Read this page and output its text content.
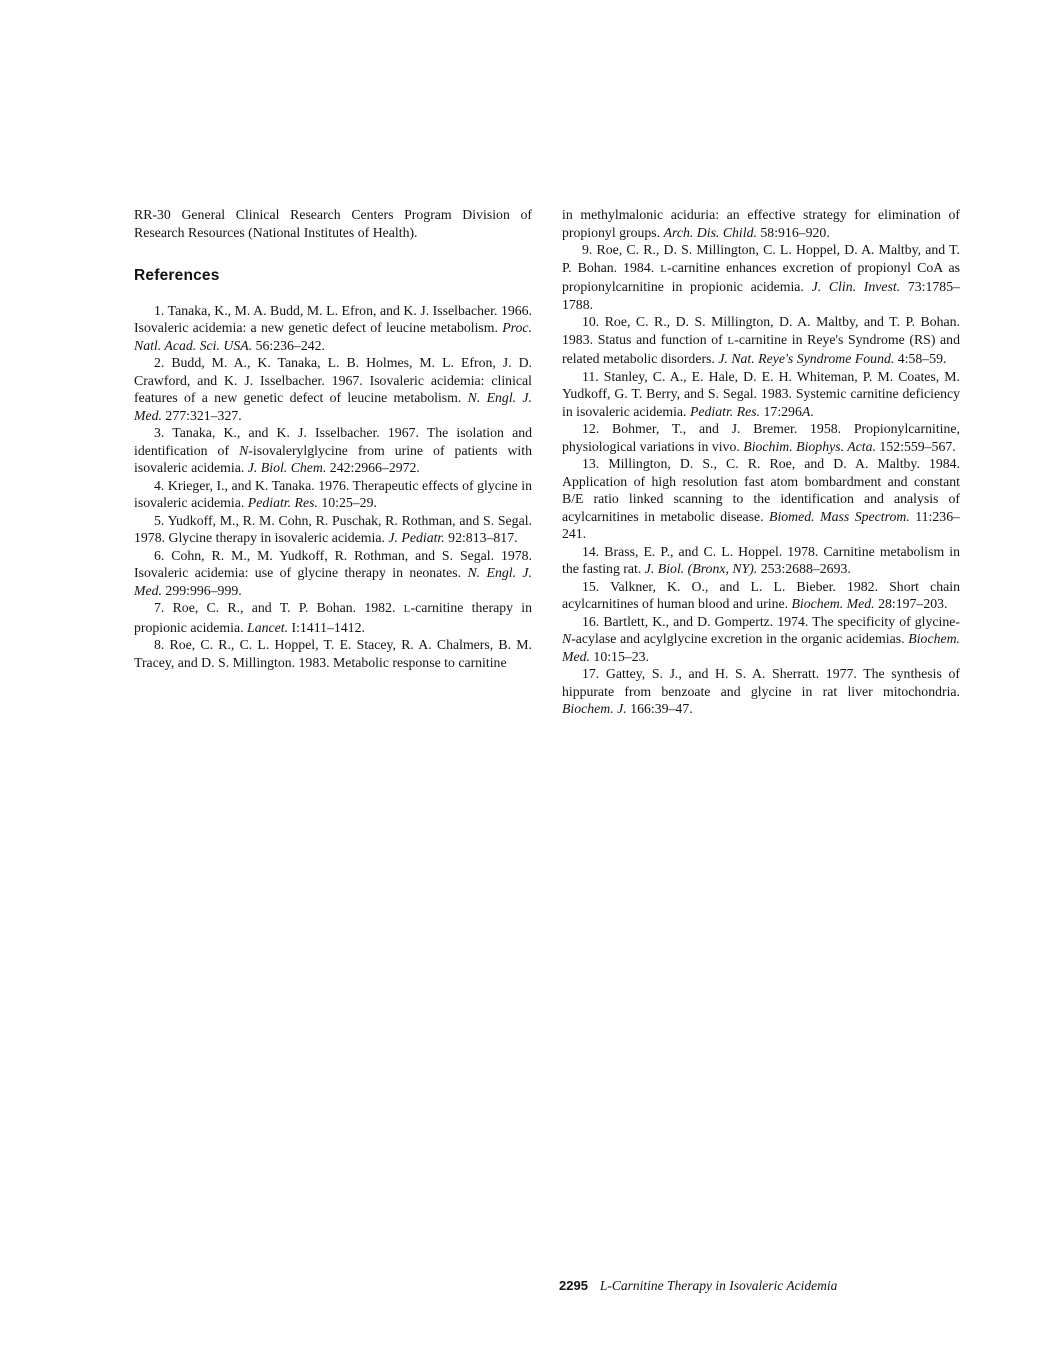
RR-30 General Clinical Research Centers Program Division of Research Resources (National Institutes of Health).

References

1. Tanaka, K., M. A. Budd, M. L. Efron, and K. J. Isselbacher. 1966. Isovaleric acidemia: a new genetic defect of leucine metabolism. Proc. Natl. Acad. Sci. USA. 56:236–242.

2. Budd, M. A., K. Tanaka, L. B. Holmes, M. L. Efron, J. D. Crawford, and K. J. Isselbacher. 1967. Isovaleric acidemia: clinical features of a new genetic defect of leucine metabolism. N. Engl. J. Med. 277:321–327.

3. Tanaka, K., and K. J. Isselbacher. 1967. The isolation and identification of N-isovalerylglycine from urine of patients with isovaleric acidemia. J. Biol. Chem. 242:2966–2972.

4. Krieger, I., and K. Tanaka. 1976. Therapeutic effects of glycine in isovaleric acidemia. Pediatr. Res. 10:25–29.

5. Yudkoff, M., R. M. Cohn, R. Puschak, R. Rothman, and S. Segal. 1978. Glycine therapy in isovaleric acidemia. J. Pediatr. 92:813–817.

6. Cohn, R. M., M. Yudkoff, R. Rothman, and S. Segal. 1978. Isovaleric acidemia: use of glycine therapy in neonates. N. Engl. J. Med. 299:996–999.

7. Roe, C. R., and T. P. Bohan. 1982. L-carnitine therapy in propionic acidemia. Lancet. I:1411–1412.

8. Roe, C. R., C. L. Hoppel, T. E. Stacey, R. A. Chalmers, B. M. Tracey, and D. S. Millington. 1983. Metabolic response to carnitine

in methylmalonic aciduria: an effective strategy for elimination of propionyl groups. Arch. Dis. Child. 58:916–920.

9. Roe, C. R., D. S. Millington, C. L. Hoppel, D. A. Maltby, and T. P. Bohan. 1984. L-carnitine enhances excretion of propionyl CoA as propionylcarnitine in propionic acidemia. J. Clin. Invest. 73:1785–1788.

10. Roe, C. R., D. S. Millington, D. A. Maltby, and T. P. Bohan. 1983. Status and function of L-carnitine in Reye's Syndrome (RS) and related metabolic disorders. J. Nat. Reye's Syndrome Found. 4:58–59.

11. Stanley, C. A., E. Hale, D. E. H. Whiteman, P. M. Coates, M. Yudkoff, G. T. Berry, and S. Segal. 1983. Systemic carnitine deficiency in isovaleric acidemia. Pediatr. Res. 17:296A.

12. Bohmer, T., and J. Bremer. 1958. Propionylcarnitine, physiological variations in vivo. Biochim. Biophys. Acta. 152:559–567.

13. Millington, D. S., C. R. Roe, and D. A. Maltby. 1984. Application of high resolution fast atom bombardment and constant B/E ratio linked scanning to the identification and analysis of acylcarnitines in metabolic disease. Biomed. Mass Spectrom. 11:236–241.

14. Brass, E. P., and C. L. Hoppel. 1978. Carnitine metabolism in the fasting rat. J. Biol. (Bronx, NY). 253:2688–2693.

15. Valkner, K. O., and L. L. Bieber. 1982. Short chain acylcarnitines of human blood and urine. Biochem. Med. 28:197–203.

16. Bartlett, K., and D. Gompertz. 1974. The specificity of glycine-N-acylase and acylglycine excretion in the organic acidemias. Biochem. Med. 10:15–23.

17. Gattey, S. J., and H. S. A. Sherratt. 1977. The synthesis of hippurate from benzoate and glycine in rat liver mitochondria. Biochem. J. 166:39–47.

2295 L-Carnitine Therapy in Isovaleric Acidemia
